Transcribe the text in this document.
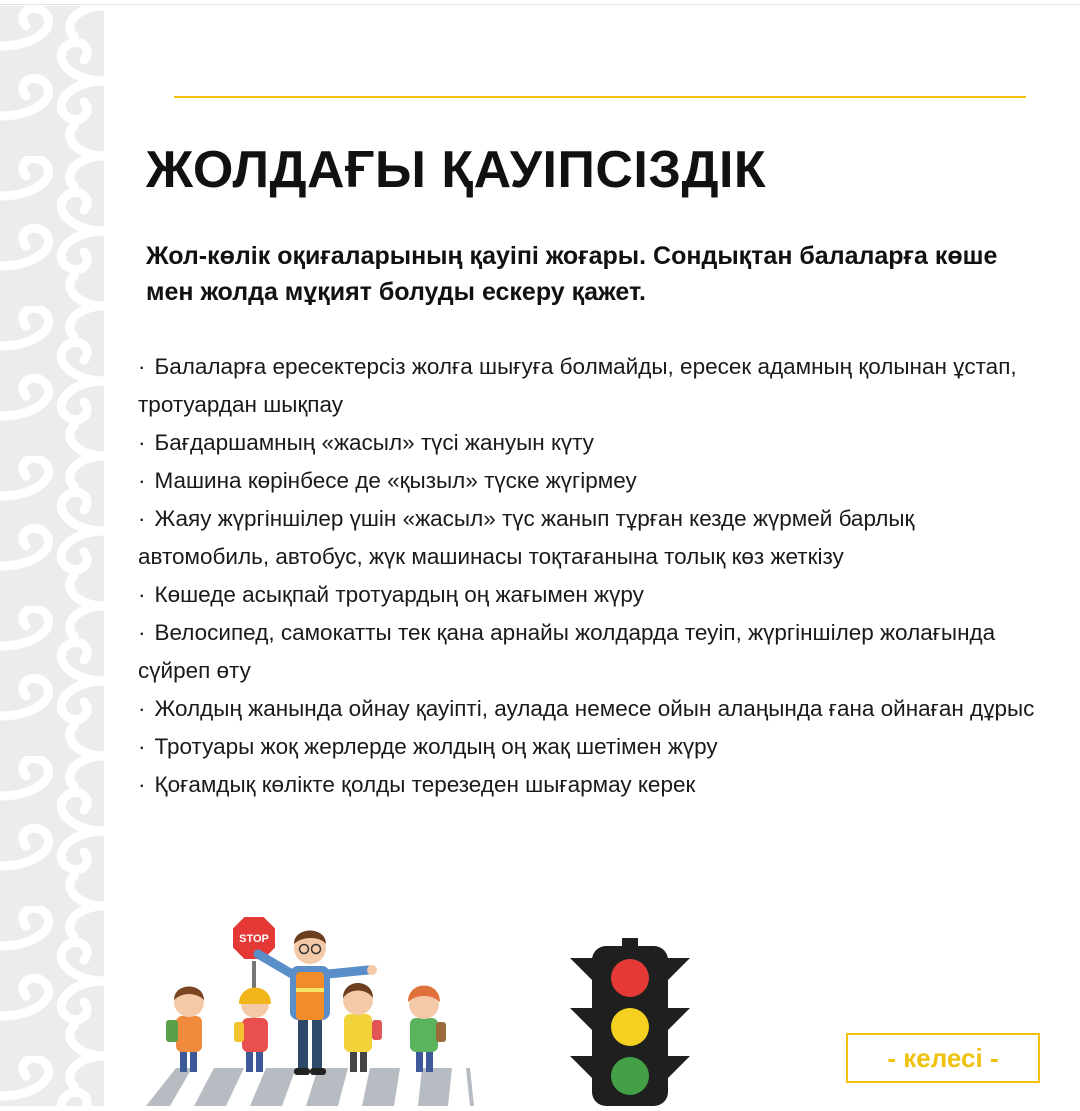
ЖОЛДАҒЫ ҚАУІПСІЗДІК

Жол-көлік оқиғаларының қауіпі жоғары. Сондықтан балаларға көше мен жолда мұқият болуды ескеру қажет.

· Балаларға ересектерсіз жолға шығуға болмайды, ересек адамның қолынан ұстап, тротуардан шықпау
· Бағдаршамның «жасыл» түсі жануын күту
· Машина көрінбесе де «қызыл» түске жүгірмеу
· Жаяу жүргіншілер үшін «жасыл» түс жанып тұрған кезде жүрмей барлық автомобиль, автобус, жүк машинасы тоқтағанына толық көз жеткізу
· Көшеде асықпай тротуардың оң жағымен жүру
· Велосипед, самокатты тек қана арнайы жолдарда теуіп, жүргіншілер жолағында сүйреп өту
· Жолдың жанында ойнау қауіпті, аулада немесе ойын алаңында ғана ойнаған дұрыс
· Тротуары жоқ жерлерде жолдың оң жақ шетімен жүру
· Қоғамдық көлікте қолды терезеден шығармау керек
STOP
- келесі -
